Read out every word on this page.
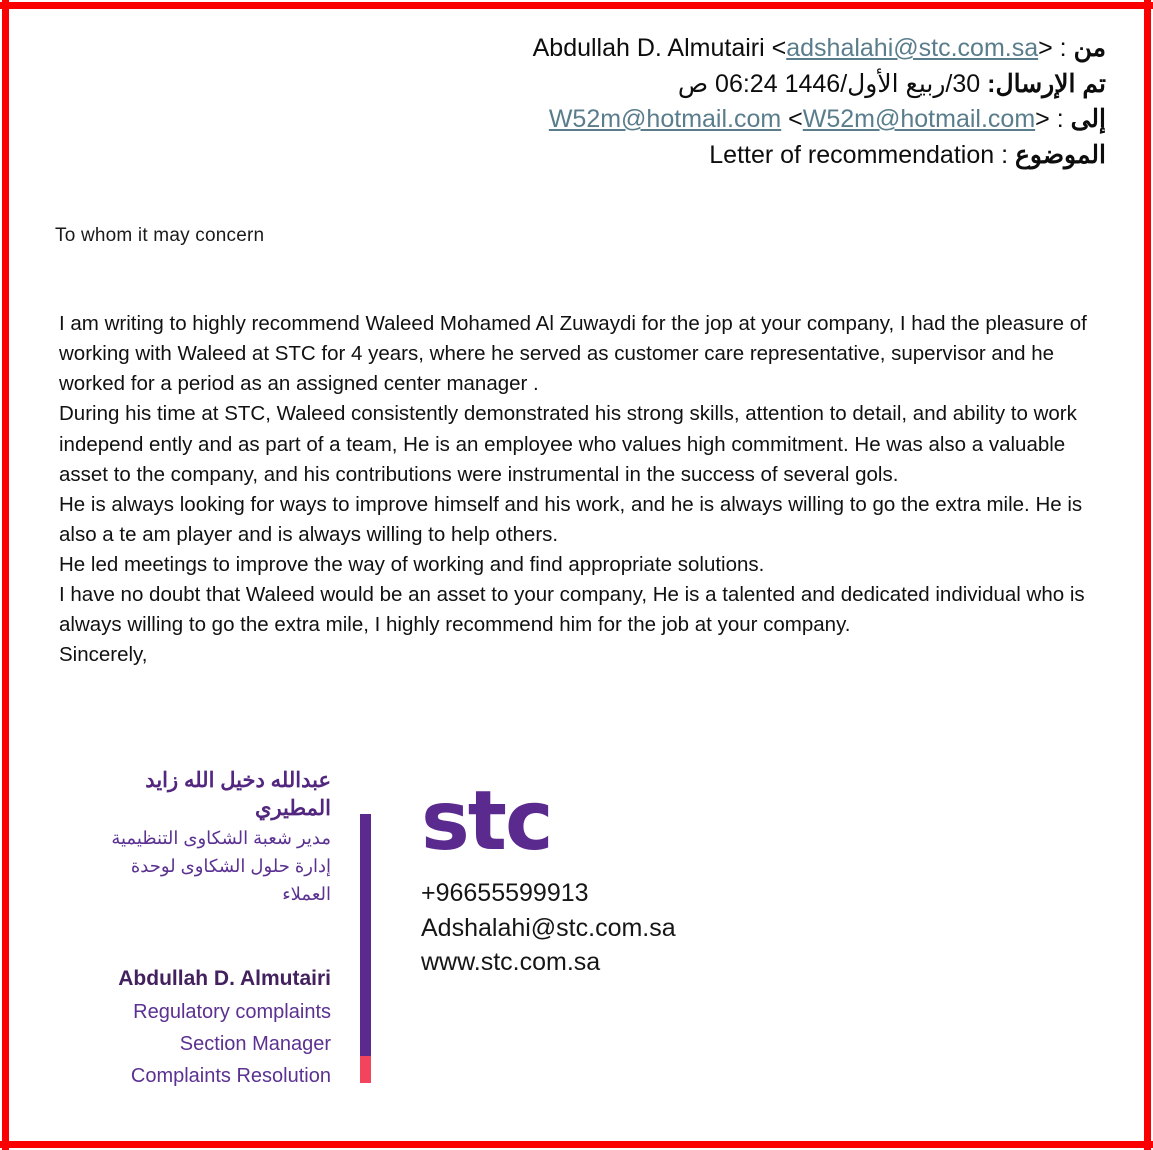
من : Abdullah D. Almutairi <adshalahi@stc.com.sa>
تم الإرسال: 30/ربيع الأول/1446 06:24 ص
إلى : W52m@hotmail.com <W52m@hotmail.com>
الموضوع : Letter of recommendation
To whom it may concern

I am writing to highly recommend Waleed Mohamed Al Zuwaydi for the jop at your company, I had the pleasure of working with Waleed at STC for 4 years, where he served as customer care representative, supervisor and he worked for a period as an assigned center manager .

During his time at STC, Waleed consistently demonstrated his strong skills, attention to detail, and ability to work independ ently and as part of a team, He is an employee who values high commitment. He was also a valuable asset to the company, and his contributions were instrumental in the success of several gols.

He is always looking for ways to improve himself and his work, and he is always willing to go the extra mile. He is also a te am player and is always willing to help others.

He led meetings to improve the way of working and find appropriate solutions.

I have no doubt that Waleed would be an asset to your company, He is a talented and dedicated individual who is always willing to go the extra mile, I highly recommend him for the job at your company.

Sincerely,

عبدالله دخيل الله زايد المطيري
مدير شعبة الشكاوى التنظيمية
إدارة حلول الشكاوى لوحدة
العملاء
Abdullah D. Almutairi
Regulatory complaints
Section Manager
Complaints Resolution
stc
+96655599913
Adshalahi@stc.com.sa
www.stc.com.sa
